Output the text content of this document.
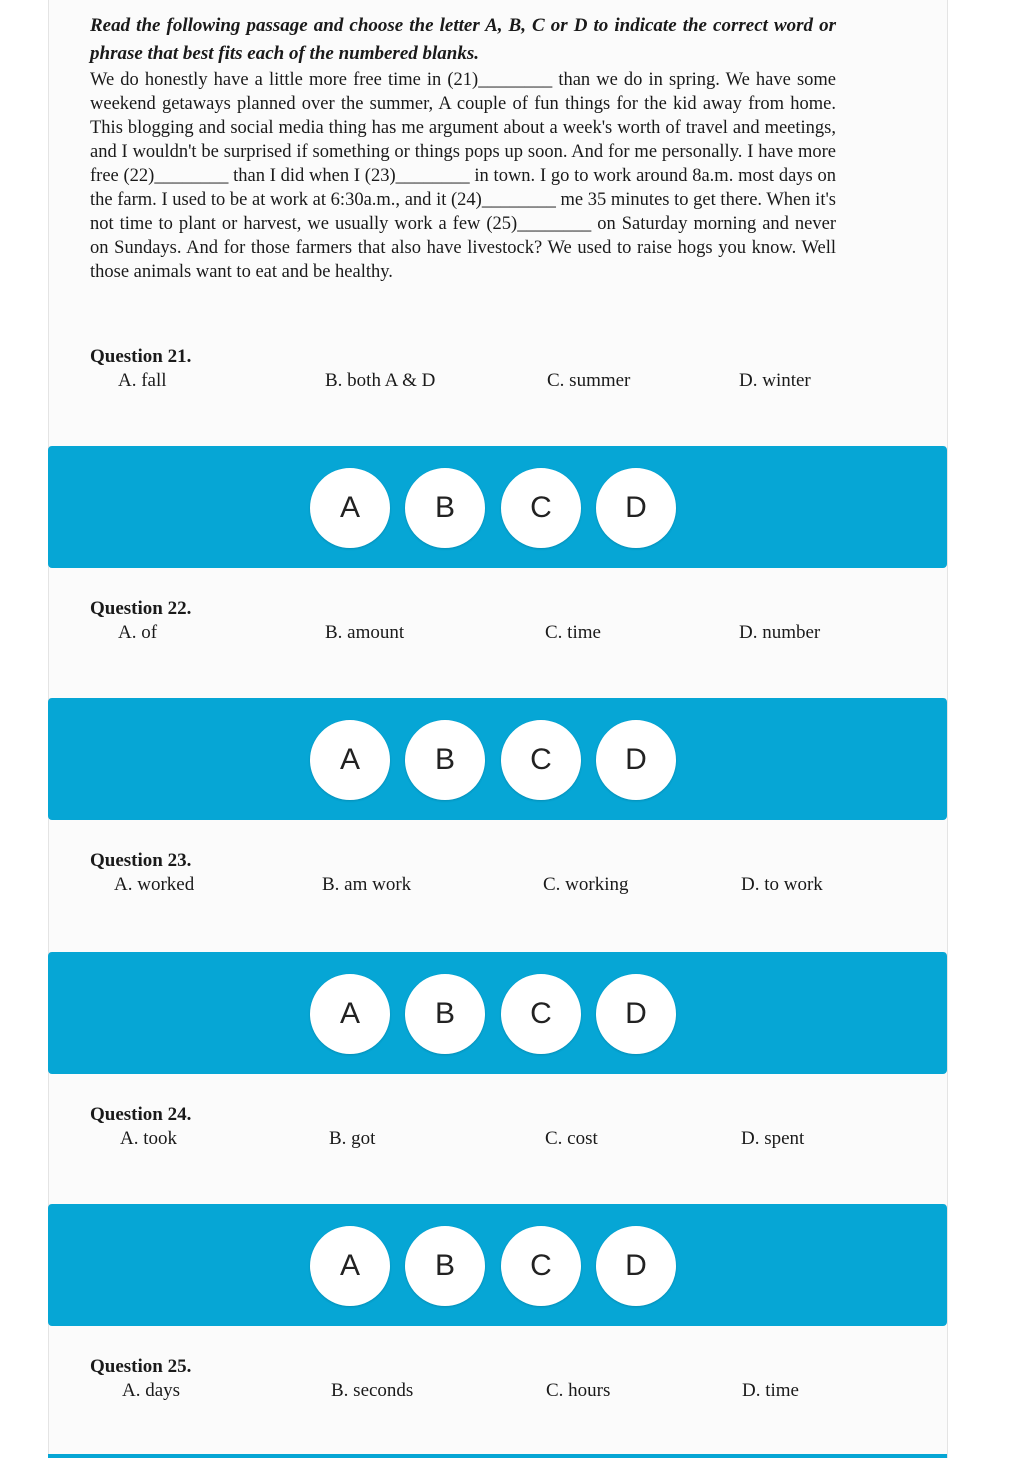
Read the following passage and choose the letter A, B, C or D to indicate the correct word or phrase that best fits each of the numbered blanks.

We do honestly have a little more free time in (21)________ than we do in spring. We have some weekend getaways planned over the summer, A couple of fun things for the kid away from home. This blogging and social media thing has me argument about a week's worth of travel and meetings, and I wouldn't be surprised if something or things pops up soon. And for me personally. I have more free (22)________ than I did when I (23)________ in town. I go to work around 8a.m. most days on the farm. I used to be at work at 6:30a.m., and it (24)________ me 35 minutes to get there. When it's not time to plant or harvest, we usually work a few (25)________ on Saturday morning and never on Sundays. And for those farmers that also have livestock? We used to raise hogs you know. Well those animals want to eat and be healthy.

Question 21.
A. fall	B. both A & D	C. summer	D. winter
A	B	C	D
Question 22.
A. of	B. amount	C. time	D. number
A	B	C	D
Question 23.
A. worked	B. am work	C. working	D. to work
A	B	C	D
Question 24.
A. took	B. got	C. cost	D. spent
A	B	C	D
Question 25.
A. days	B. seconds	C. hours	D. time
